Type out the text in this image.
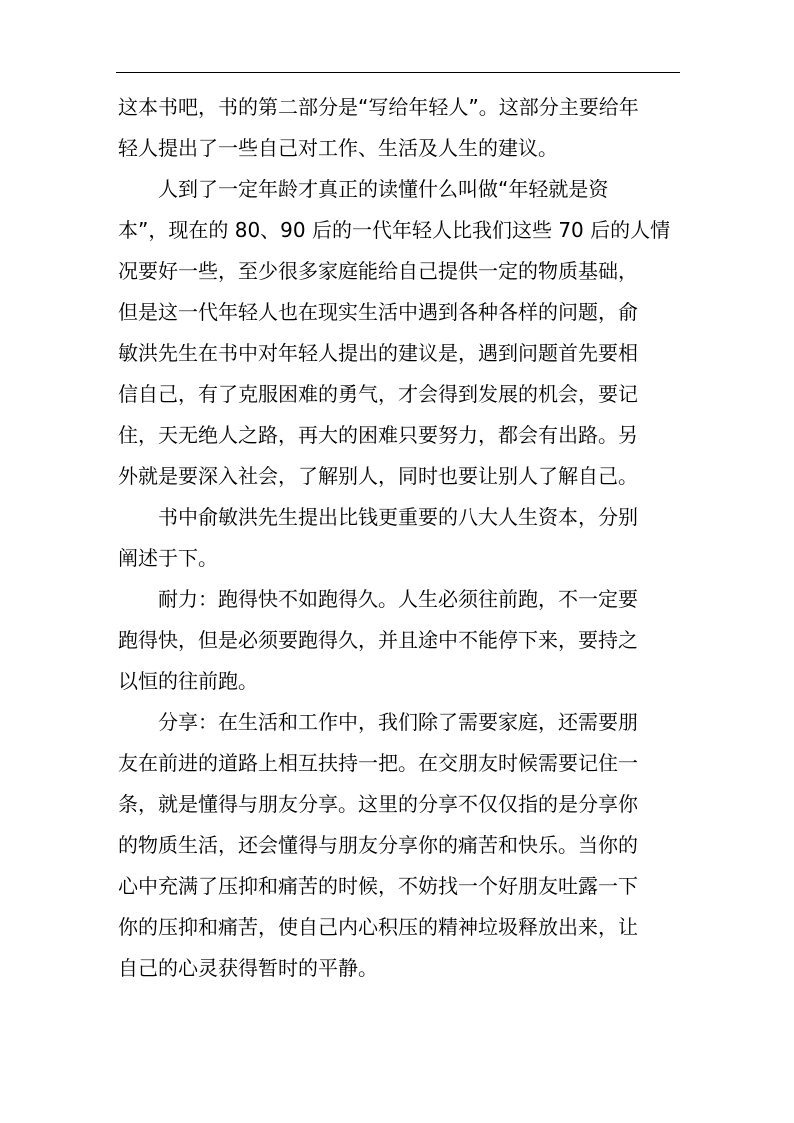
这本书吧，书的第二部分是“写给年轻人”。这部分主要给年
轻人提出了一些自己对工作、生活及人生的建议。
人到了一定年龄才真正的读懂什么叫做“年轻就是资
本”，现在的 80、90 后的一代年轻人比我们这些 70 后的人情
况要好一些，至少很多家庭能给自己提供一定的物质基础，
但是这一代年轻人也在现实生活中遇到各种各样的问题，俞
敏洪先生在书中对年轻人提出的建议是，遇到问题首先要相
信自己，有了克服困难的勇气，才会得到发展的机会，要记
住，天无绝人之路，再大的困难只要努力，都会有出路。另
外就是要深入社会，了解别人，同时也要让别人了解自己。
书中俞敏洪先生提出比钱更重要的八大人生资本，分别
阐述于下。
耐力：跑得快不如跑得久。人生必须往前跑，不一定要
跑得快，但是必须要跑得久，并且途中不能停下来，要持之
以恒的往前跑。
分享：在生活和工作中，我们除了需要家庭，还需要朋
友在前进的道路上相互扶持一把。在交朋友时候需要记住一
条，就是懂得与朋友分享。这里的分享不仅仅指的是分享你
的物质生活，还会懂得与朋友分享你的痛苦和快乐。当你的
心中充满了压抑和痛苦的时候，不妨找一个好朋友吐露一下
你的压抑和痛苦，使自己内心积压的精神垃圾释放出来，让
自己的心灵获得暂时的平静。
